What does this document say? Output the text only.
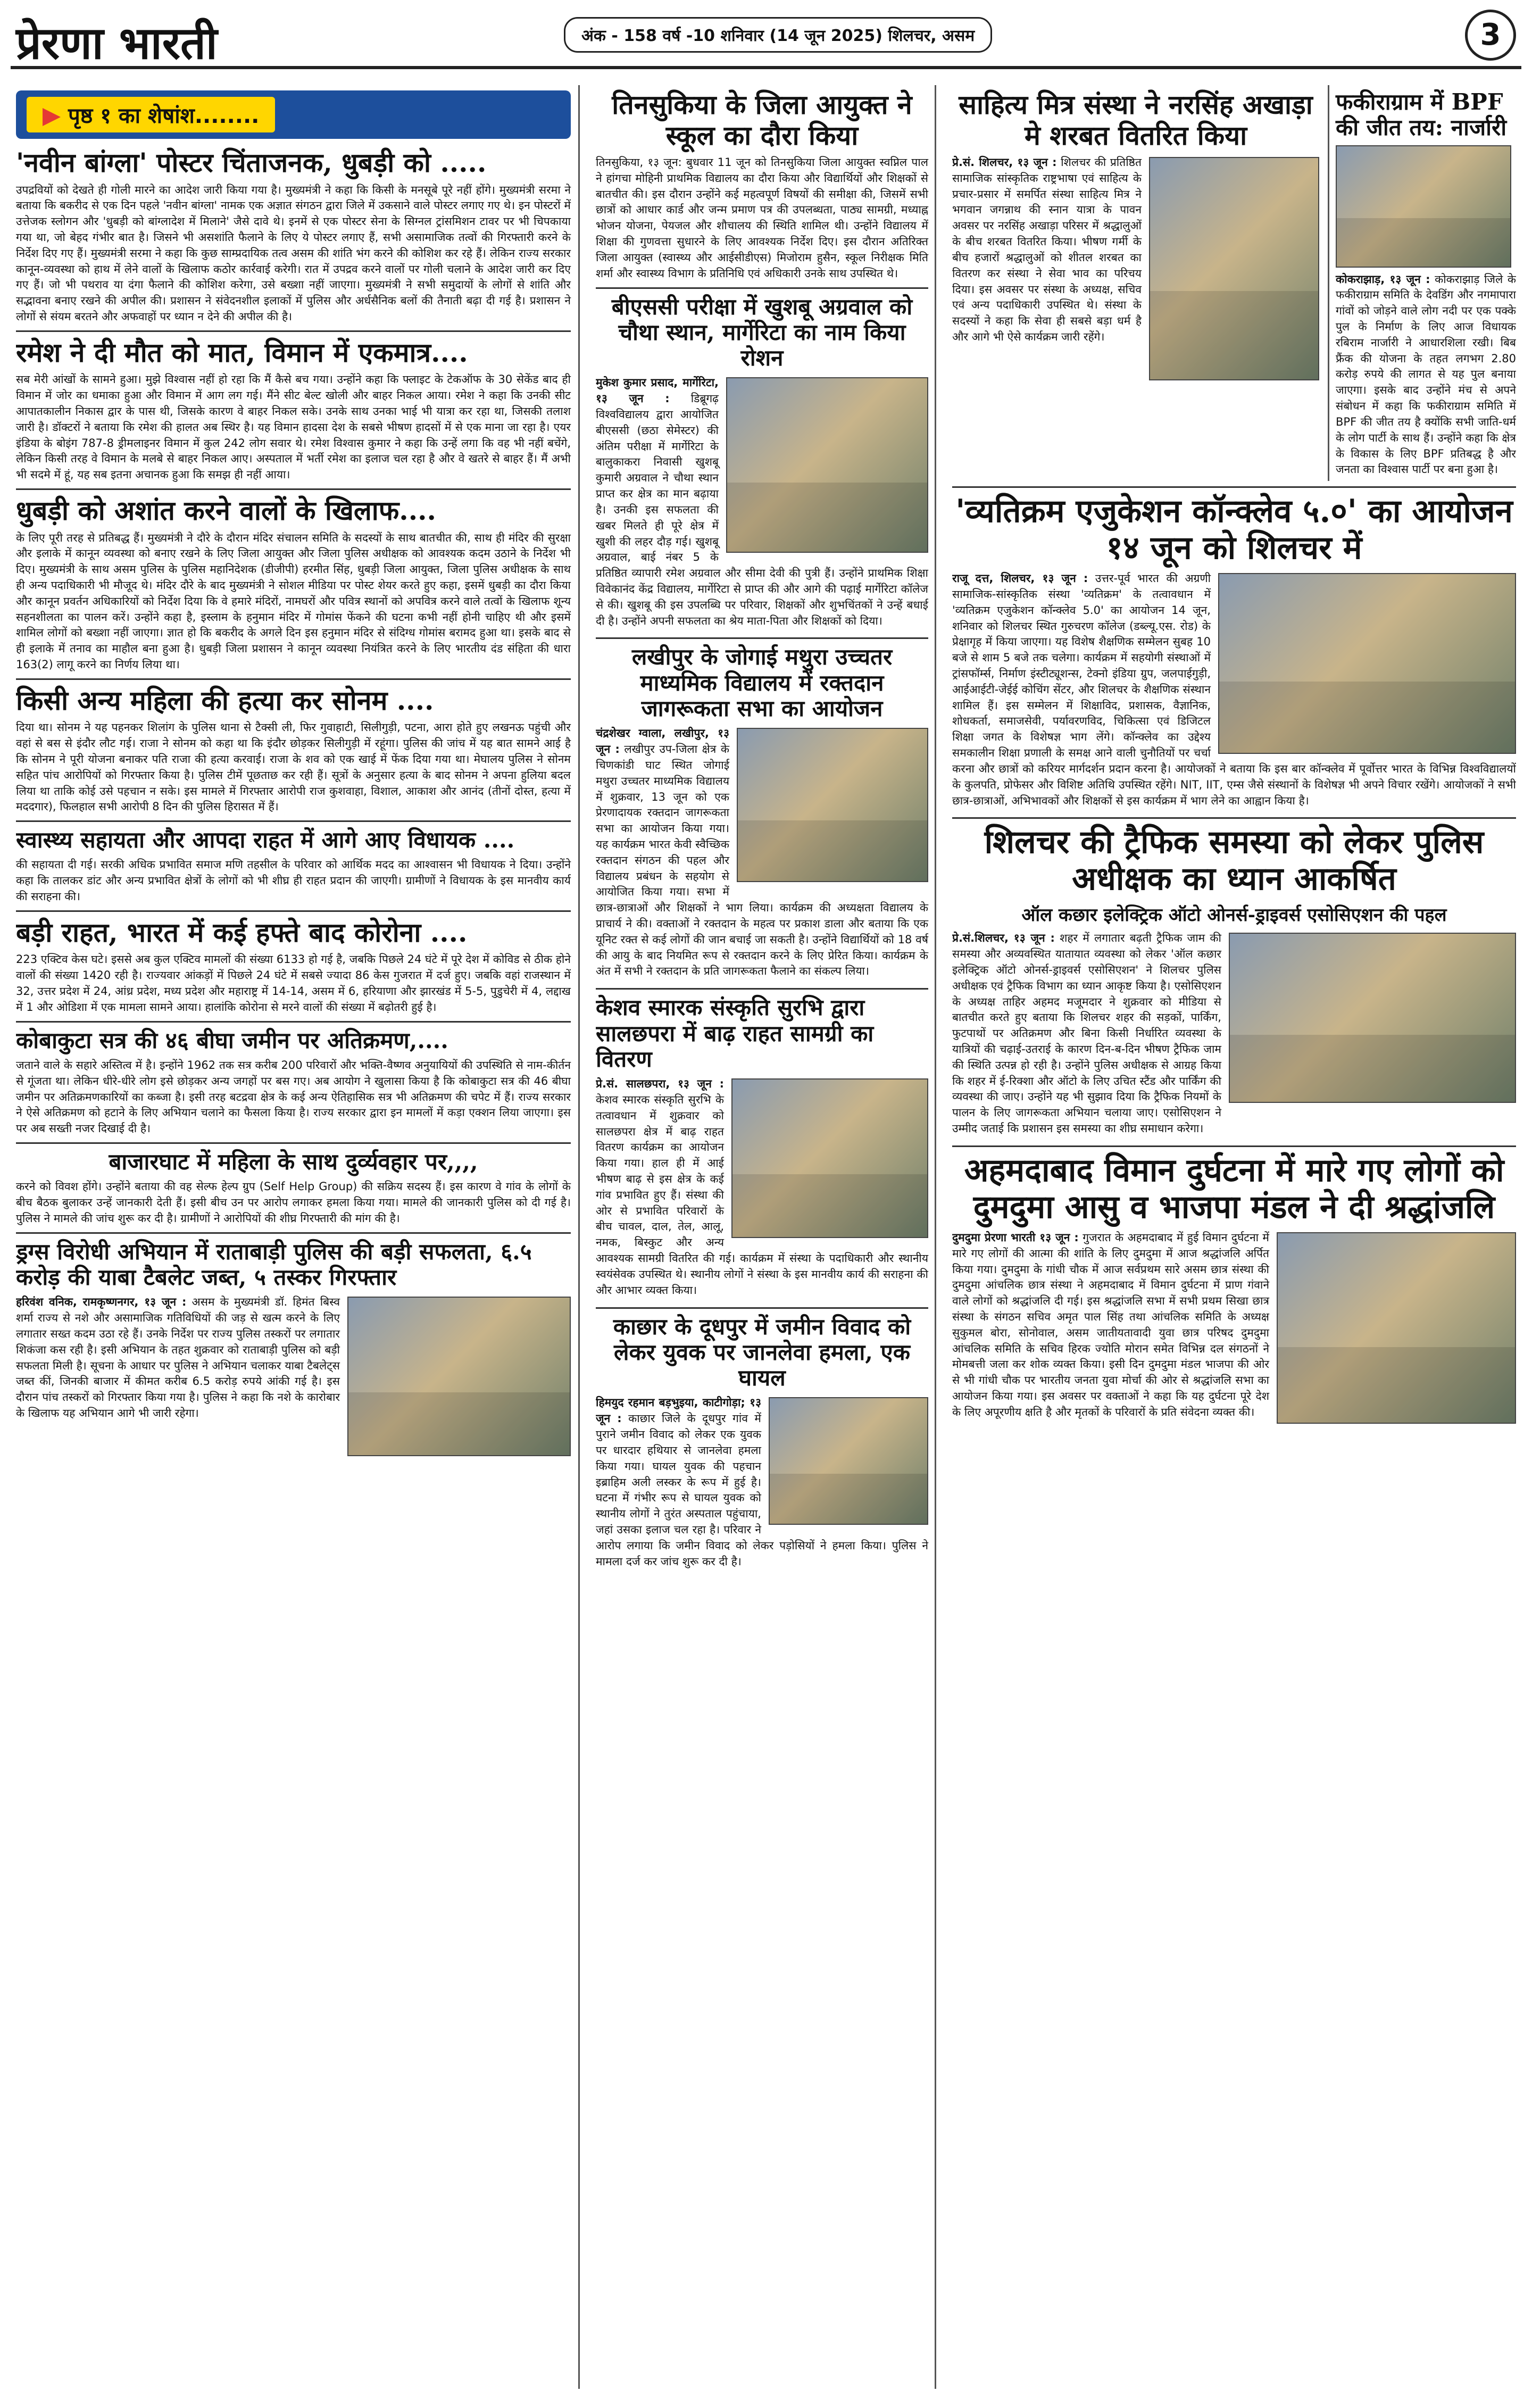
प्रेरणा भारती	अंक - 158 वर्ष -10 शनिवार (14 जून 2025) शिलचर, असम	3
पृष्ठ १ का शेषांश........
'नवीन बांग्ला' पोस्टर चिंताजनक, धुबड़ी को .....

उपद्रवियों को देखते ही गोली मारने का आदेश जारी किया गया है। मुख्यमंत्री ने कहा कि किसी के मनसूबे पूरे नहीं होंगे। मुख्यमंत्री सरमा ने बताया कि बकरीद से एक दिन पहले 'नवीन बांग्ला' नामक एक अज्ञात संगठन द्वारा जिले में उकसाने वाले पोस्टर लगाए गए थे। इन पोस्टरों में उत्तेजक स्लोगन और 'धुबड़ी को बांग्लादेश में मिलाने' जैसे दावे थे। इनमें से एक पोस्टर सेना के सिग्नल ट्रांसमिशन टावर पर भी चिपकाया गया था, जो बेहद गंभीर बात है। जिसने भी असशांति फैलाने के लिए ये पोस्टर लगाए हैं, सभी असामाजिक तत्वों की गिरफ्तारी करने के निर्देश दिए गए हैं। मुख्यमंत्री सरमा ने कहा कि कुछ साम्प्रदायिक तत्व असम की शांति भंग करने की कोशिश कर रहे हैं। लेकिन राज्य सरकार कानून-व्यवस्था को हाथ में लेने वालों के खिलाफ कठोर कार्रवाई करेगी। रात में उपद्रव करने वालों पर गोली चलाने के आदेश जारी कर दिए गए हैं। जो भी पथराव या दंगा फैलाने की कोशिश करेगा, उसे बख्शा नहीं जाएगा। मुख्यमंत्री ने सभी समुदायों के लोगों से शांति और सद्भावना बनाए रखने की अपील की। प्रशासन ने संवेदनशील इलाकों में पुलिस और अर्धसैनिक बलों की तैनाती बढ़ा दी गई है। प्रशासन ने लोगों से संयम बरतने और अफवाहों पर ध्यान न देने की अपील की है।

रमेश ने दी मौत को मात, विमान में एकमात्र....

सब मेरी आंखों के सामने हुआ। मुझे विश्वास नहीं हो रहा कि मैं कैसे बच गया। उन्होंने कहा कि फ्लाइट के टेकऑफ के 30 सेकेंड बाद ही विमान में जोर का धमाका हुआ और विमान में आग लग गई। मैंने सीट बेल्ट खोली और बाहर निकल आया। रमेश ने कहा कि उनकी सीट आपातकालीन निकास द्वार के पास थी, जिसके कारण वे बाहर निकल सके। उनके साथ उनका भाई भी यात्रा कर रहा था, जिसकी तलाश जारी है। डॉक्टरों ने बताया कि रमेश की हालत अब स्थिर है। यह विमान हादसा देश के सबसे भीषण हादसों में से एक माना जा रहा है। एयर इंडिया के बोइंग 787-8 ड्रीमलाइनर विमान में कुल 242 लोग सवार थे। रमेश विश्वास कुमार ने कहा कि उन्हें लगा कि वह भी नहीं बचेंगे, लेकिन किसी तरह वे विमान के मलबे से बाहर निकल आए। अस्पताल में भर्ती रमेश का इलाज चल रहा है और वे खतरे से बाहर हैं। मैं अभी भी सदमे में हूं, यह सब इतना अचानक हुआ कि समझ ही नहीं आया।

धुबड़ी को अशांत करने वालों के खिलाफ....

के लिए पूरी तरह से प्रतिबद्ध हैं। मुख्यमंत्री ने दौरे के दौरान मंदिर संचालन समिति के सदस्यों के साथ बातचीत की, साथ ही मंदिर की सुरक्षा और इलाके में कानून व्यवस्था को बनाए रखने के लिए जिला आयुक्त और जिला पुलिस अधीक्षक को आवश्यक कदम उठाने के निर्देश भी दिए। मुख्यमंत्री के साथ असम पुलिस के पुलिस महानिदेशक (डीजीपी) हरमीत सिंह, धुबड़ी जिला आयुक्त, जिला पुलिस अधीक्षक के साथ ही अन्य पदाधिकारी भी मौजूद थे। मंदिर दौरे के बाद मुख्यमंत्री ने सोशल मीडिया पर पोस्ट शेयर करते हुए कहा, इसमें धुबड़ी का दौरा किया और कानून प्रवर्तन अधिकारियों को निर्देश दिया कि वे हमारे मंदिरों, नामघरों और पवित्र स्थानों को अपवित्र करने वाले तत्वों के खिलाफ शून्य सहनशीलता का पालन करें। उन्होंने कहा है, इस्लाम के हनुमान मंदिर में गोमांस फेंकने की घटना कभी नहीं होनी चाहिए थी और इसमें शामिल लोगों को बख्शा नहीं जाएगा। ज्ञात हो कि बकरीद के अगले दिन इस हनुमान मंदिर से संदिग्ध गोमांस बरामद हुआ था। इसके बाद से ही इलाके में तनाव का माहौल बना हुआ है। धुबड़ी जिला प्रशासन ने कानून व्यवस्था नियंत्रित करने के लिए भारतीय दंड संहिता की धारा 163(2) लागू करने का निर्णय लिया था।

किसी अन्य महिला की हत्या कर सोनम ....

दिया था। सोनम ने यह पहनकर शिलांग के पुलिस थाना से टैक्सी ली, फिर गुवाहाटी, सिलीगुड़ी, पटना, आरा होते हुए लखनऊ पहुंची और वहां से बस से इंदौर लौट गई। राजा ने सोनम को कहा था कि इंदौर छोड़कर सिलीगुड़ी में रहूंगा। पुलिस की जांच में यह बात सामने आई है कि सोनम ने पूरी योजना बनाकर पति राजा की हत्या करवाई। राजा के शव को एक खाई में फेंक दिया गया था। मेघालय पुलिस ने सोनम सहित पांच आरोपियों को गिरफ्तार किया है। पुलिस टीमें पूछताछ कर रही हैं। सूत्रों के अनुसार हत्या के बाद सोनम ने अपना हुलिया बदल लिया था ताकि कोई उसे पहचान न सके। इस मामले में गिरफ्तार आरोपी राज कुशवाहा, विशाल, आकाश और आनंद (तीनों दोस्त, हत्या में मददगार), फिलहाल सभी आरोपी 8 दिन की पुलिस हिरासत में हैं।

स्वास्थ्य सहायता और आपदा राहत में आगे आए विधायक ....

की सहायता दी गई। सरकी अधिक प्रभावित समाज मणि तहसील के परिवार को आर्थिक मदद का आश्वासन भी विधायक ने दिया। उन्होंने कहा कि तालकर डांट और अन्य प्रभावित क्षेत्रों के लोगों को भी शीघ्र ही राहत प्रदान की जाएगी। ग्रामीणों ने विधायक के इस मानवीय कार्य की सराहना की।

बड़ी राहत, भारत में कई हफ्ते बाद कोरोना ....

223 एक्टिव केस घटे। इससे अब कुल एक्टिव मामलों की संख्या 6133 हो गई है, जबकि पिछले 24 घंटे में पूरे देश में कोविड से ठीक होने वालों की संख्या 1420 रही है। राज्यवार आंकड़ों में पिछले 24 घंटे में सबसे ज्यादा 86 केस गुजरात में दर्ज हुए। जबकि वहां राजस्थान में 32, उत्तर प्रदेश में 24, आंध्र प्रदेश, मध्य प्रदेश और महाराष्ट्र में 14-14, असम में 6, हरियाणा और झारखंड में 5-5, पुडुचेरी में 4, लद्दाख में 1 और ओडिशा में एक मामला सामने आया। हालांकि कोरोना से मरने वालों की संख्या में बढ़ोतरी हुई है।

कोबाकुटा सत्र की ४६ बीघा जमीन पर अतिक्रमण,....

जताने वाले के सहारे अस्तित्व में है। इन्होंने 1962 तक सत्र करीब 200 परिवारों और भक्ति-वैष्णव अनुयायियों की उपस्थिति से नाम-कीर्तन से गूंजता था। लेकिन धीरे-धीरे लोग इसे छोड़कर अन्य जगहों पर बस गए। अब आयोग ने खुलासा किया है कि कोबाकुटा सत्र की 46 बीघा जमीन पर अतिक्रमणकारियों का कब्जा है। इसी तरह बटद्रवा क्षेत्र के कई अन्य ऐतिहासिक सत्र भी अतिक्रमण की चपेट में हैं। राज्य सरकार ने ऐसे अतिक्रमण को हटाने के लिए अभियान चलाने का फैसला किया है। राज्य सरकार द्वारा इन मामलों में कड़ा एक्शन लिया जाएगा। इस पर अब सख्ती नजर दिखाई दी है।

बाजारघाट में महिला के साथ दुर्व्यवहार पर,,,,

करने को विवश होंगे। उन्होंने बताया की वह सेल्फ हेल्प ग्रुप (Self Help Group) की सक्रिय सदस्य हैं। इस कारण वे गांव के लोगों के बीच बैठक बुलाकर उन्हें जानकारी देती हैं। इसी बीच उन पर आरोप लगाकर हमला किया गया। मामले की जानकारी पुलिस को दी गई है। पुलिस ने मामले की जांच शुरू कर दी है। ग्रामीणों ने आरोपियों की शीघ्र गिरफ्तारी की मांग की है।

ड्रग्स विरोधी अभियान में राताबाड़ी पुलिस की बड़ी सफलता, ६.५ करोड़ की याबा टैबलेट जब्त, ५ तस्कर गिरफ्तार

हरिवंश वनिक, रामकृष्णनगर, १३ जून : असम के मुख्यमंत्री डॉ. हिमंत बिस्व शर्मा राज्य से नशे और असामाजिक गतिविधियों की जड़ से खत्म करने के लिए लगातार सख्त कदम उठा रहे हैं। उनके निर्देश पर राज्य पुलिस तस्करों पर लगातार शिकंजा कस रही है। इसी अभियान के तहत शुक्रवार को राताबाड़ी पुलिस को बड़ी सफलता मिली है। सूचना के आधार पर पुलिस ने अभियान चलाकर याबा टैबलेट्स जब्त कीं, जिनकी बाजार में कीमत करीब 6.5 करोड़ रुपये आंकी गई है। इस दौरान पांच तस्करों को गिरफ्तार किया गया है। पुलिस ने कहा कि नशे के कारोबार के खिलाफ यह अभियान आगे भी जारी रहेगा।

तिनसुकिया के जिला आयुक्त ने स्कूल का दौरा किया

तिनसुकिया, १३ जून: बुधवार 11 जून को तिनसुकिया जिला आयुक्त स्वप्निल पाल ने हांगचा मोहिनी प्राथमिक विद्यालय का दौरा किया और विद्यार्थियों और शिक्षकों से बातचीत की। इस दौरान उन्होंने कई महत्वपूर्ण विषयों की समीक्षा की, जिसमें सभी छात्रों को आधार कार्ड और जन्म प्रमाण पत्र की उपलब्धता, पाठ्य सामग्री, मध्याह्न भोजन योजना, पेयजल और शौचालय की स्थिति शामिल थी। उन्होंने विद्यालय में शिक्षा की गुणवत्ता सुधारने के लिए आवश्यक निर्देश दिए। इस दौरान अतिरिक्त जिला आयुक्त (स्वास्थ्य और आईसीडीएस) मिजोराम हुसैन, स्कूल निरीक्षक मिति शर्मा और स्वास्थ्य विभाग के प्रतिनिधि एवं अधिकारी उनके साथ उपस्थित थे।

बीएससी परीक्षा में खुशबू अग्रवाल को चौथा स्थान, मार्गेरिटा का नाम किया रोशन

मुकेश कुमार प्रसाद, मार्गेरिटा, १३ जून : डिब्रूगढ़ विश्वविद्यालय द्वारा आयोजित बीएससी (छठा सेमेस्टर) की अंतिम परीक्षा में मार्गेरिटा के बालुकाकरा निवासी खुशबू कुमारी अग्रवाल ने चौथा स्थान प्राप्त कर क्षेत्र का मान बढ़ाया है। उनकी इस सफलता की खबर मिलते ही पूरे क्षेत्र में खुशी की लहर दौड़ गई। खुशबू अग्रवाल, बाई नंबर 5 के प्रतिष्ठित व्यापारी रमेश अग्रवाल और सीमा देवी की पुत्री हैं। उन्होंने प्राथमिक शिक्षा विवेकानंद केंद्र विद्यालय, मार्गेरिटा से प्राप्त की और आगे की पढ़ाई मार्गेरिटा कॉलेज से की। खुशबू की इस उपलब्धि पर परिवार, शिक्षकों और शुभचिंतकों ने उन्हें बधाई दी है। उन्होंने अपनी सफलता का श्रेय माता-पिता और शिक्षकों को दिया।

लखीपुर के जोगाई मथुरा उच्चतर माध्यमिक विद्यालय में रक्तदान जागरूकता सभा का आयोजन

चंद्रशेखर ग्वाला, लखीपुर, १३ जून : लखीपुर उप-जिला क्षेत्र के चिणकांडी घाट स्थित जोगाई मथुरा उच्चतर माध्यमिक विद्यालय में शुक्रवार, 13 जून को एक प्रेरणादायक रक्तदान जागरूकता सभा का आयोजन किया गया। यह कार्यक्रम भारत केवी स्वैच्छिक रक्तदान संगठन की पहल और विद्यालय प्रबंधन के सहयोग से आयोजित किया गया। सभा में छात्र-छात्राओं और शिक्षकों ने भाग लिया। कार्यक्रम की अध्यक्षता विद्यालय के प्राचार्य ने की। वक्ताओं ने रक्तदान के महत्व पर प्रकाश डाला और बताया कि एक यूनिट रक्त से कई लोगों की जान बचाई जा सकती है। उन्होंने विद्यार्थियों को 18 वर्ष की आयु के बाद नियमित रूप से रक्तदान करने के लिए प्रेरित किया। कार्यक्रम के अंत में सभी ने रक्तदान के प्रति जागरूकता फैलाने का संकल्प लिया।

केशव स्मारक संस्कृति सुरभि द्वारा सालछपरा में बाढ़ राहत सामग्री का वितरण

प्रे.सं. सालछपरा, १३ जून : केशव स्मारक संस्कृति सुरभि के तत्वावधान में शुक्रवार को सालछपरा क्षेत्र में बाढ़ राहत वितरण कार्यक्रम का आयोजन किया गया। हाल ही में आई भीषण बाढ़ से इस क्षेत्र के कई गांव प्रभावित हुए हैं। संस्था की ओर से प्रभावित परिवारों के बीच चावल, दाल, तेल, आलू, नमक, बिस्कुट और अन्य आवश्यक सामग्री वितरित की गई। कार्यक्रम में संस्था के पदाधिकारी और स्थानीय स्वयंसेवक उपस्थित थे। स्थानीय लोगों ने संस्था के इस मानवीय कार्य की सराहना की और आभार व्यक्त किया।

काछार के दूधपुर में जमीन विवाद को लेकर युवक पर जानलेवा हमला, एक घायल

हिमयुद रहमान बड़भुइया, काटीगोड़ा; १३ जून : काछार जिले के दूधपुर गांव में पुराने जमीन विवाद को लेकर एक युवक पर धारदार हथियार से जानलेवा हमला किया गया। घायल युवक की पहचान इब्राहिम अली लस्कर के रूप में हुई है। घटना में गंभीर रूप से घायल युवक को स्थानीय लोगों ने तुरंत अस्पताल पहुंचाया, जहां उसका इलाज चल रहा है। परिवार ने आरोप लगाया कि जमीन विवाद को लेकर पड़ोसियों ने हमला किया। पुलिस ने मामला दर्ज कर जांच शुरू कर दी है।

साहित्य मित्र संस्था ने नरसिंह अखाड़ा मे शरबत वितरित किया

प्रे.सं. शिलचर, १३ जून : शिलचर की प्रतिष्ठित सामाजिक सांस्कृतिक राष्ट्रभाषा एवं साहित्य के प्रचार-प्रसार में समर्पित संस्था साहित्य मित्र ने भगवान जगन्नाथ की स्नान यात्रा के पावन अवसर पर नरसिंह अखाड़ा परिसर में श्रद्धालुओं के बीच शरबत वितरित किया। भीषण गर्मी के बीच हजारों श्रद्धालुओं को शीतल शरबत का वितरण कर संस्था ने सेवा भाव का परिचय दिया। इस अवसर पर संस्था के अध्यक्ष, सचिव एवं अन्य पदाधिकारी उपस्थित थे। संस्था के सदस्यों ने कहा कि सेवा ही सबसे बड़ा धर्म है और आगे भी ऐसे कार्यक्रम जारी रहेंगे।

फकीराग्राम में BPF की जीत तय: नार्जारी

कोकराझाड़, १३ जून : कोकराझाड़ जिले के फकीराग्राम समिति के देवडिंग और नगमापारा गांवों को जोड़ने वाले लोग नदी पर एक पक्के पुल के निर्माण के लिए आज विधायक रबिराम नार्जारी ने आधारशिला रखी। बिब फ्रैंक की योजना के तहत लगभग 2.80 करोड़ रुपये की लागत से यह पुल बनाया जाएगा। इसके बाद उन्होंने मंच से अपने संबोधन में कहा कि फकीराग्राम समिति में BPF की जीत तय है क्योंकि सभी जाति-धर्म के लोग पार्टी के साथ हैं। उन्होंने कहा कि क्षेत्र के विकास के लिए BPF प्रतिबद्ध है और जनता का विश्वास पार्टी पर बना हुआ है।

'व्यतिक्रम एजुकेशन कॉन्क्लेव ५.०' का आयोजन १४ जून को शिलचर में

राजू दत्त, शिलचर, १३ जून : उत्तर-पूर्व भारत की अग्रणी सामाजिक-सांस्कृतिक संस्था 'व्यतिक्रम' के तत्वावधान में 'व्यतिक्रम एजुकेशन कॉन्क्लेव 5.0' का आयोजन 14 जून, शनिवार को शिलचर स्थित गुरुचरण कॉलेज (डब्ल्यू.एस. रोड) के प्रेक्षागृह में किया जाएगा। यह विशेष शैक्षणिक सम्मेलन सुबह 10 बजे से शाम 5 बजे तक चलेगा। कार्यक्रम में सहयोगी संस्थाओं में ट्रांसफॉर्म्स, निर्माण इंस्टीट्यूशन्स, टेक्नो इंडिया ग्रुप, जलपाईगुड़ी, आईआईटी-जेईई कोचिंग सेंटर, और शिलचर के शैक्षणिक संस्थान शामिल हैं। इस सम्मेलन में शिक्षाविद, प्रशासक, वैज्ञानिक, शोधकर्ता, समाजसेवी, पर्यावरणविद, चिकित्सा एवं डिजिटल शिक्षा जगत के विशेषज्ञ भाग लेंगे। कॉन्क्लेव का उद्देश्य समकालीन शिक्षा प्रणाली के समक्ष आने वाली चुनौतियों पर चर्चा करना और छात्रों को करियर मार्गदर्शन प्रदान करना है। आयोजकों ने बताया कि इस बार कॉन्क्लेव में पूर्वोत्तर भारत के विभिन्न विश्वविद्यालयों के कुलपति, प्रोफेसर और विशिष्ट अतिथि उपस्थित रहेंगे। NIT, IIT, एम्स जैसे संस्थानों के विशेषज्ञ भी अपने विचार रखेंगे। आयोजकों ने सभी छात्र-छात्राओं, अभिभावकों और शिक्षकों से इस कार्यक्रम में भाग लेने का आह्वान किया है।

शिलचर की ट्रैफिक समस्या को लेकर पुलिस अधीक्षक का ध्यान आकर्षित
ऑल कछार इलेक्ट्रिक ऑटो ओनर्स-ड्राइवर्स एसोसिएशन की पहल

प्रे.सं.शिलचर, १३ जून : शहर में लगातार बढ़ती ट्रैफिक जाम की समस्या और अव्यवस्थित यातायात व्यवस्था को लेकर 'ऑल कछार इलेक्ट्रिक ऑटो ओनर्स-ड्राइवर्स एसोसिएशन' ने शिलचर पुलिस अधीक्षक एवं ट्रैफिक विभाग का ध्यान आकृष्ट किया है। एसोसिएशन के अध्यक्ष ताहिर अहमद मजूमदार ने शुक्रवार को मीडिया से बातचीत करते हुए बताया कि शिलचर शहर की सड़कों, पार्किंग, फुटपाथों पर अतिक्रमण और बिना किसी निर्धारित व्यवस्था के यात्रियों की चढ़ाई-उतराई के कारण दिन-ब-दिन भीषण ट्रैफिक जाम की स्थिति उत्पन्न हो रही है। उन्होंने पुलिस अधीक्षक से आग्रह किया कि शहर में ई-रिक्शा और ऑटो के लिए उचित स्टैंड और पार्किंग की व्यवस्था की जाए। उन्होंने यह भी सुझाव दिया कि ट्रैफिक नियमों के पालन के लिए जागरूकता अभियान चलाया जाए। एसोसिएशन ने उम्मीद जताई कि प्रशासन इस समस्या का शीघ्र समाधान करेगा।

अहमदाबाद विमान दुर्घटना में मारे गए लोगों को दुमदुमा आसु व भाजपा मंडल ने दी श्रद्धांजलि

दुमदुमा प्रेरणा भारती १३ जून : गुजरात के अहमदाबाद में हुई विमान दुर्घटना में मारे गए लोगों की आत्मा की शांति के लिए दुमदुमा में आज श्रद्धांजलि अर्पित किया गया। दुमदुमा के गांधी चौक में आज सर्वप्रथम सारे असम छात्र संस्था की दुमदुमा आंचलिक छात्र संस्था ने अहमदाबाद में विमान दुर्घटना में प्राण गंवाने वाले लोगों को श्रद्धांजलि दी गई। इस श्रद्धांजलि सभा में सभी प्रथम सिखा छात्र संस्था के संगठन सचिव अमृत पाल सिंह तथा आंचलिक समिति के अध्यक्ष सुकुमल बोरा, सोनोवाल, असम जातीयतावादी युवा छात्र परिषद दुमदुमा आंचलिक समिति के सचिव हिरक ज्योति मोरान समेत विभिन्न दल संगठनों ने मोमबत्ती जला कर शोक व्यक्त किया। इसी दिन दुमदुमा मंडल भाजपा की ओर से भी गांधी चौक पर भारतीय जनता युवा मोर्चा की ओर से श्रद्धांजलि सभा का आयोजन किया गया। इस अवसर पर वक्ताओं ने कहा कि यह दुर्घटना पूरे देश के लिए अपूरणीय क्षति है और मृतकों के परिवारों के प्रति संवेदना व्यक्त की।
